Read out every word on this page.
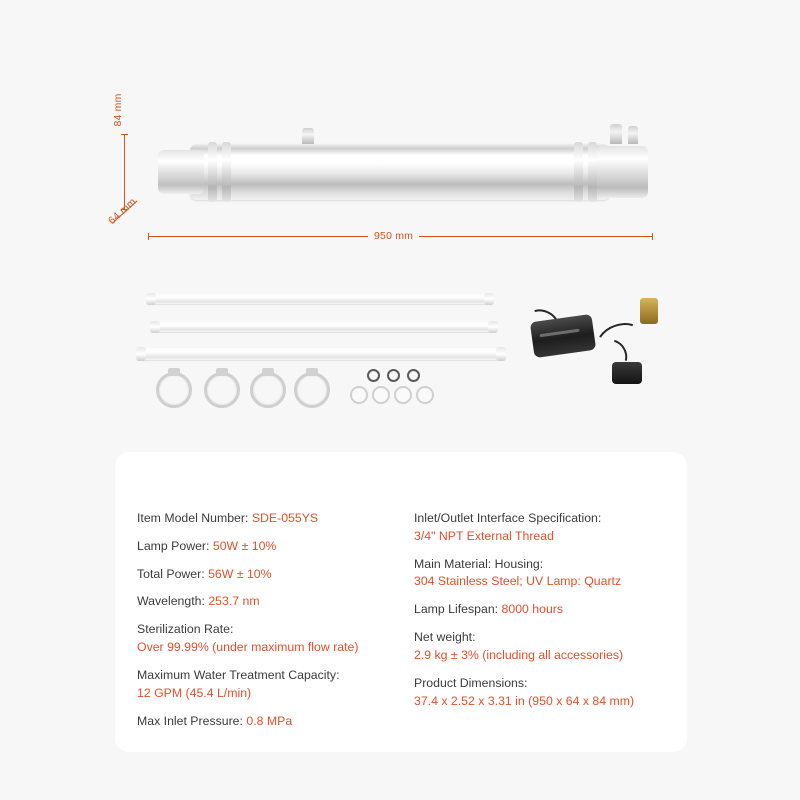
84 mm
64 mm
950 mm
Item Model Number: SDE-055YS
Lamp Power: 50W ± 10%
Total Power: 56W ± 10%
Wavelength: 253.7 nm
Sterilization Rate:
Over 99.99% (under maximum flow rate)
Maximum Water Treatment Capacity:
12 GPM (45.4 L/min)
Max Inlet Pressure: 0.8 MPa
Inlet/Outlet Interface Specification:
3/4" NPT External Thread
Main Material: Housing:
304 Stainless Steel; UV Lamp: Quartz
Lamp Lifespan: 8000 hours
Net weight:
2.9 kg ± 3% (including all accessories)
Product Dimensions:
37.4 x 2.52 x 3.31 in (950 x 64 x 84 mm)
